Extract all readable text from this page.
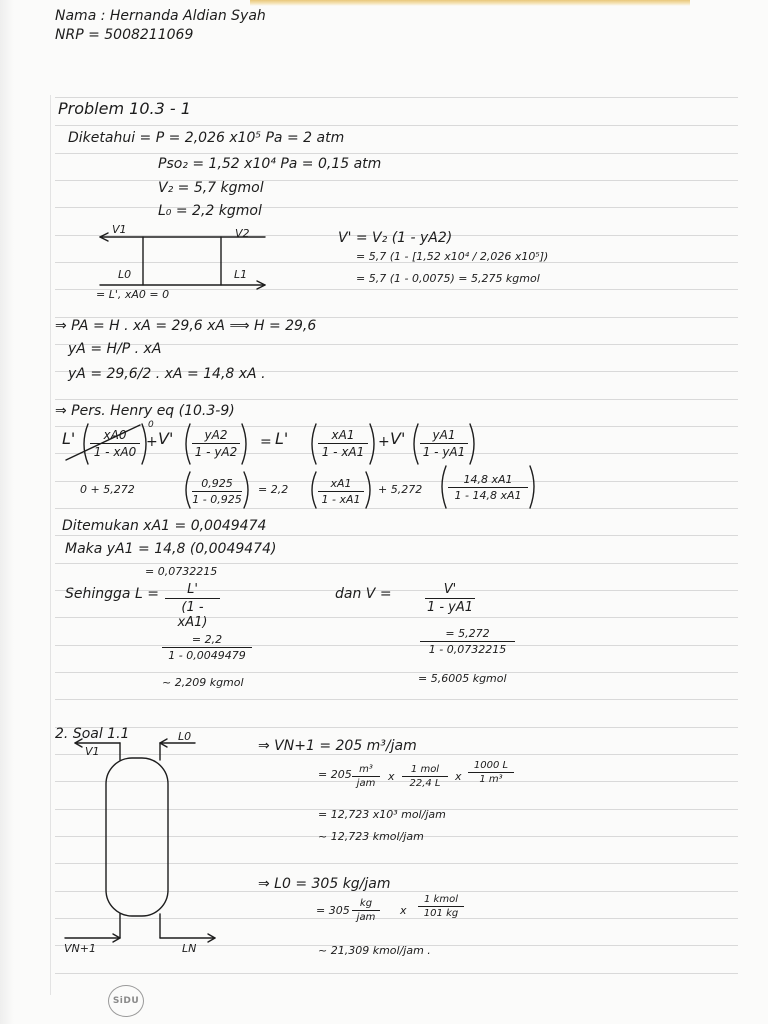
Nama : Hernanda Aldian Syah
NRP = 5008211069
Problem 10.3 - 1
Diketahui = P = 2,026 x10⁵ Pa = 2 atm
Pso₂ = 1,52 x10⁴ Pa = 0,15 atm
V₂ = 5,7 kgmol
L₀ = 2,2 kgmol
V1	V2
L0	L1
= L', xA0 = 0
V' = V₂ (1 - yA2)
= 5,7 (1 - [1,52 x10⁴ / 2,026 x10⁵])
= 5,7 (1 - 0,0075) = 5,275 kgmol
⇒ PA = H . xA = 29,6 xA ⟹ H = 29,6
yA = H/P . xA
yA = 29,6/2 . xA = 14,8 xA .
⇒ Pers. Henry eq (10.3-9)
L'	xA0
1 - xA0
0
+ V'	yA2
1 - yA2
= L'	xA1
1 - xA1
+ V'	yA1
1 - yA1
0 + 5,272	0,925
1 - 0,925
= 2,2	xA1
1 - xA1
+ 5,272
14,8 xA1
1 - 14,8 xA1
Ditemukan xA1 = 0,0049474
Maka yA1 = 14,8 (0,0049474)
= 0,0732215
Sehingga L =	L'
(1 - xA1)
= 2,2
1 - 0,0049479
~ 2,209 kgmol
dan V =	V'
1 - yA1
= 5,272
1 - 0,0732215
= 5,6005 kgmol
2. Soal 1.1
V1
L0
VN+1	LN
⇒ VN+1 = 205 m³/jam
= 205 m³
jam
x
1 mol
22,4 L
x
1000 L
1 m³
= 12,723 x10³ mol/jam
~ 12,723 kmol/jam
⇒ L0 = 305 kg/jam
= 305
kg
jam
x
1 kmol
101 kg
~ 21,309 kmol/jam .
SiDU
